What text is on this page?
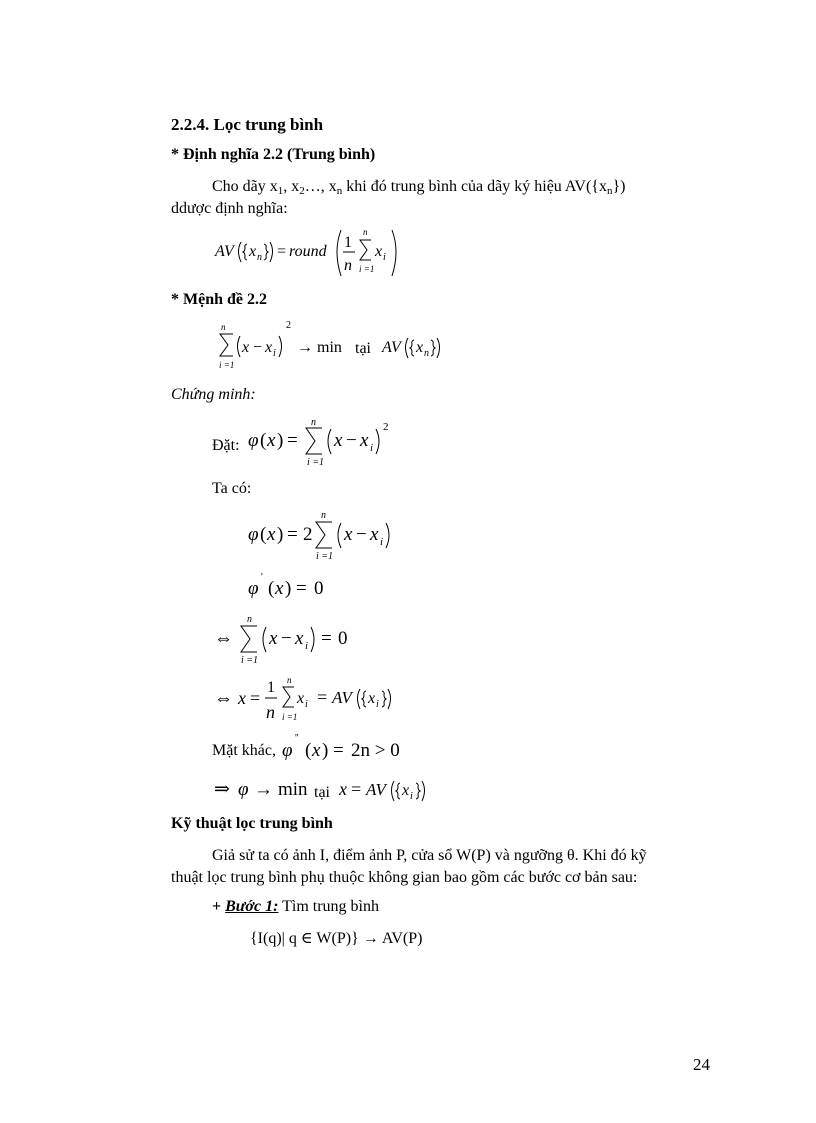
2.2.4. Lọc trung bình
* Định nghĩa 2.2 (Trung bình)
Cho dãy $x_1$, $x_2\dots$, $x_n$ khi đó trung bình của dãy ký hiệu $AV(\{x_n\})$
ddược định nghĩa:
AV x n = round
1
n
n
i =1
x i
* Mệnh đề 2.2
n
i =1
x − x i
2
→ min tại AV x n
Chứng minh:
Đặt: φ ( x ) =
n
i =1
x − x i
2
Ta có:
φ ( x ) = 2
n
i =1
x − x i
φ
'
( x ) = 0
⇔
n
i =1
x − x i = 0
⇔ x =
1
n
n
i =1
x i = AV x i
Mặt khác, φ
''
( x ) = 2n > 0
⇒ φ → min tại x = AV x i
Kỹ thuật lọc trung bình
Giả sử ta có ảnh I, điểm ảnh P, cửa sổ W(P) và ngưỡng θ. Khi đó kỹ
thuật lọc trung bình phụ thuộc không gian bao gồm các bước cơ bản sau:
+ Bước 1: Tìm trung bình
{I(q)| q ∈ W(P)} → AV(P)
24
